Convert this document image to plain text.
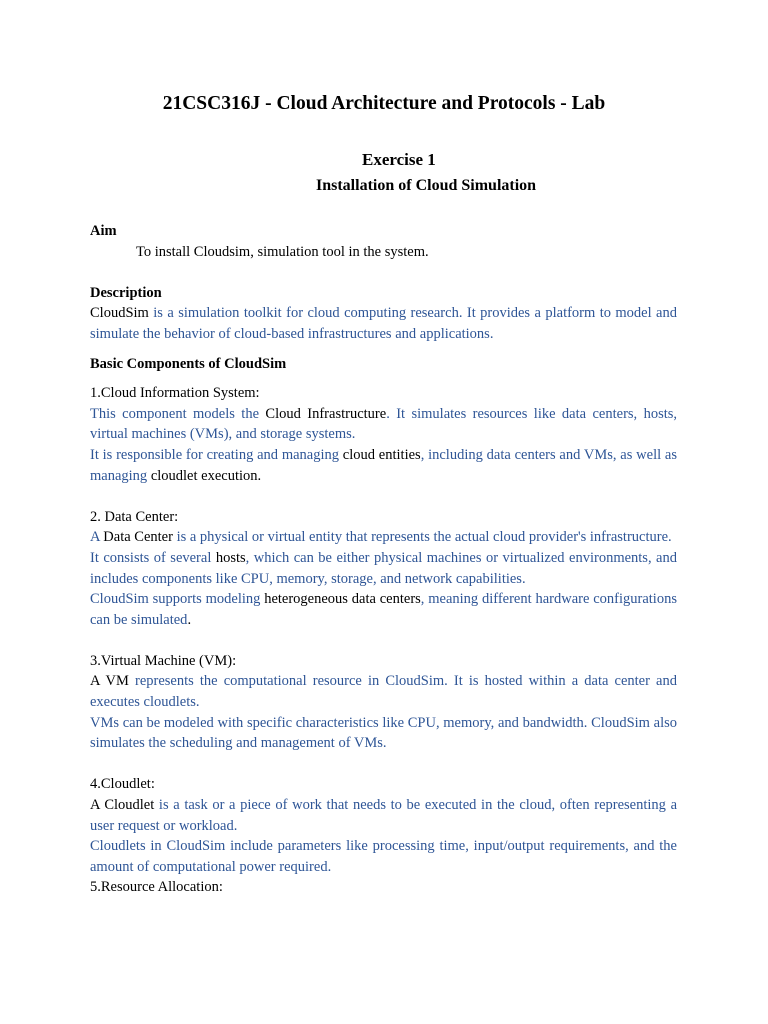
21CSC316J - Cloud Architecture and Protocols - Lab
Exercise 1
Installation of Cloud Simulation

Aim

To install Cloudsim, simulation tool in the system.

Description

CloudSim is a simulation toolkit for cloud computing research. It provides a platform to model and simulate the behavior of cloud-based infrastructures and applications.

Basic Components of CloudSim

1.Cloud Information System:

This component models the Cloud Infrastructure. It simulates resources like data centers, hosts, virtual machines (VMs), and storage systems.

It is responsible for creating and managing cloud entities, including data centers and VMs, as well as managing cloudlet execution.

2. Data Center:

A Data Center is a physical or virtual entity that represents the actual cloud provider's infrastructure.

It consists of several hosts, which can be either physical machines or virtualized environments, and includes components like CPU, memory, storage, and network capabilities.

CloudSim supports modeling heterogeneous data centers, meaning different hardware configurations can be simulated.

3.Virtual Machine (VM):

A VM represents the computational resource in CloudSim. It is hosted within a data center and executes cloudlets.

VMs can be modeled with specific characteristics like CPU, memory, and bandwidth. CloudSim also simulates the scheduling and management of VMs.

4.Cloudlet:

A Cloudlet is a task or a piece of work that needs to be executed in the cloud, often representing a user request or workload.

Cloudlets in CloudSim include parameters like processing time, input/output requirements, and the amount of computational power required.

5.Resource Allocation:
